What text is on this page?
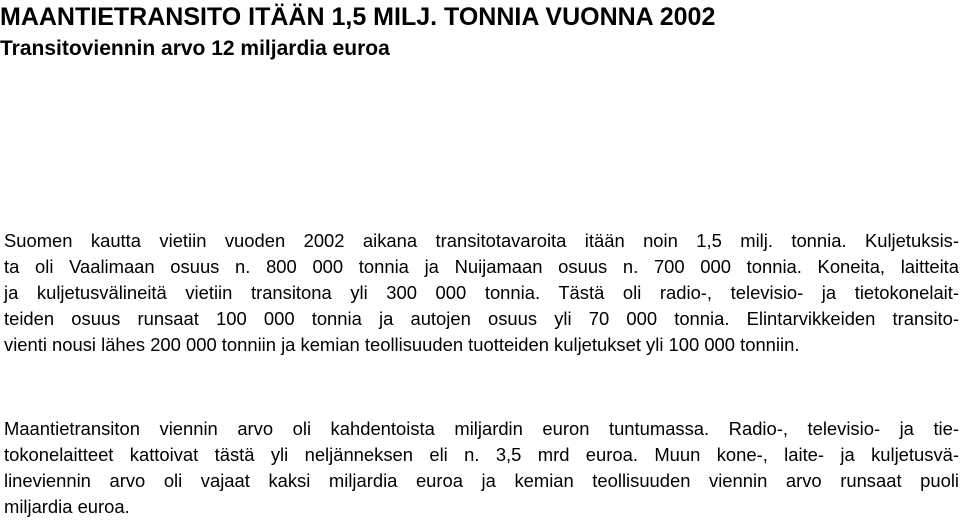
MAANTIETRANSITO ITÄÄN 1,5 MILJ. TONNIA VUONNA 2002
Transitoviennin arvo 12 miljardia euroa
Suomen kautta vietiin vuoden 2002 aikana transitotavaroita itään noin 1,5 milj. tonnia. Kuljetuksis-
ta oli Vaalimaan osuus n. 800 000 tonnia ja Nuijamaan osuus n. 700 000 tonnia. Koneita, laitteita
ja kuljetusvälineitä vietiin transitona yli 300 000 tonnia. Tästä oli radio-, televisio- ja tietokonelait-
teiden osuus runsaat 100 000 tonnia ja autojen osuus yli 70 000 tonnia. Elintarvikkeiden transito-
vienti nousi lähes 200 000 tonniin ja kemian teollisuuden tuotteiden kuljetukset yli 100 000 tonniin.
Maantietransiton viennin arvo oli kahdentoista miljardin euron tuntumassa. Radio-, televisio- ja tie-
tokonelaitteet kattoivat tästä yli neljänneksen eli n. 3,5 mrd euroa. Muun kone-, laite- ja kuljetusvä-
lineviennin arvo oli vajaat kaksi miljardia euroa ja kemian teollisuuden viennin arvo runsaat puoli
miljardia euroa.
